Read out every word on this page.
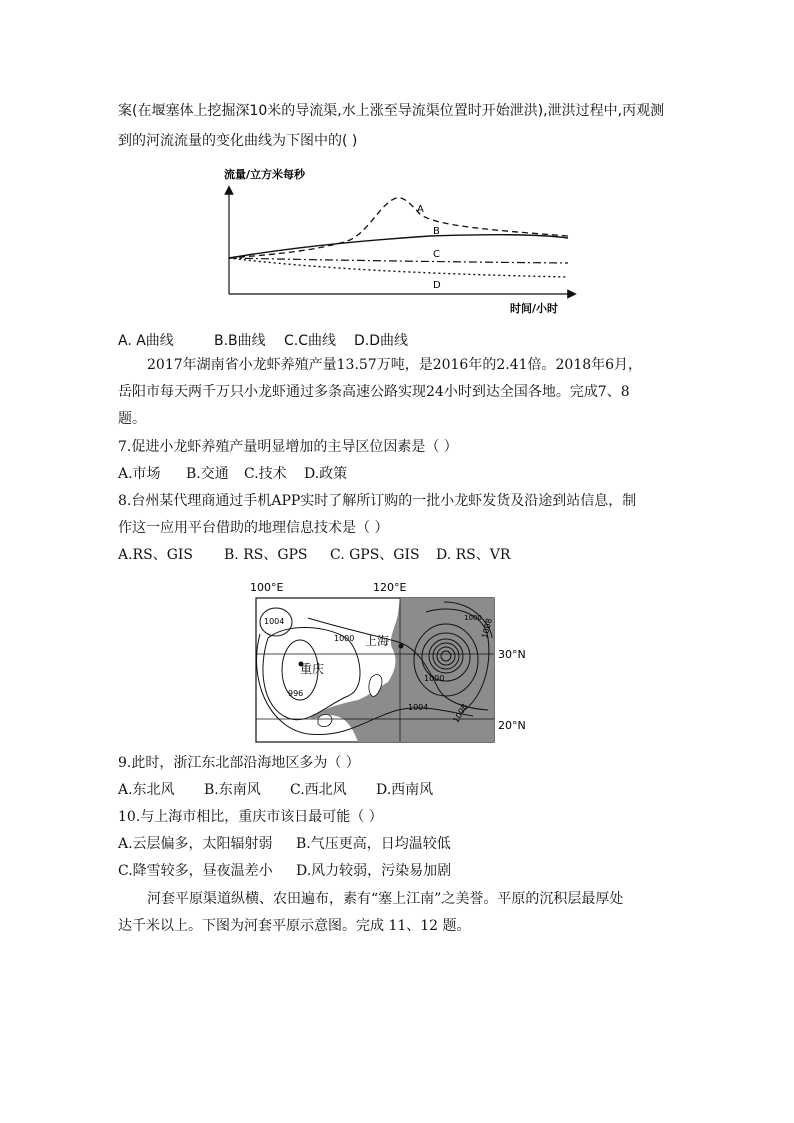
案(在堰塞体上挖掘深10米的导流渠,水上涨至导流渠位置时开始泄洪),泄洪过程中,丙观测
到的河流流量的变化曲线为下图中的( )
流量/立方米每秒
A
B
C
D
时间/小时
A. A曲线	B.B曲线 C.C曲线 D.D曲线
2017年湖南省小龙虾养殖产量13.57万吨，是2016年的2.41倍。2018年6月，
岳阳市每天两千万只小龙虾通过多条高速公路实现24小时到达全国各地。完成7、8
题。
7.促进小龙虾养殖产量明显增加的主导区位因素是（ ）
A.市场 B.交通 C.技术 D.政策
8.台州某代理商通过手机APP实时了解所订购的一批小龙虾发货及沿途到站信息，制
作这一应用平台借助的地理信息技术是（ ）
A.RS、GIS B. RS、GPS C. GPS、GIS D. RS、VR
100°E	120°E
上海
重庆
1004
1000
996
1000
1004	1008
1000
1008
30°N
20°N
9.此时，浙江东北部沿海地区多为（ ）
A.东北风 B.东南风 C.西北风 D.西南风
10.与上海市相比，重庆市该日最可能（ ）
A.云层偏多，太阳辐射弱 B.气压更高，日均温较低
C.降雪较多，昼夜温差小 D.风力较弱，污染易加剧
河套平原渠道纵横、农田遍布，素有“塞上江南”之美誉。平原的沉积层最厚处
达千米以上。下图为河套平原示意图。完成 11、12 题。
